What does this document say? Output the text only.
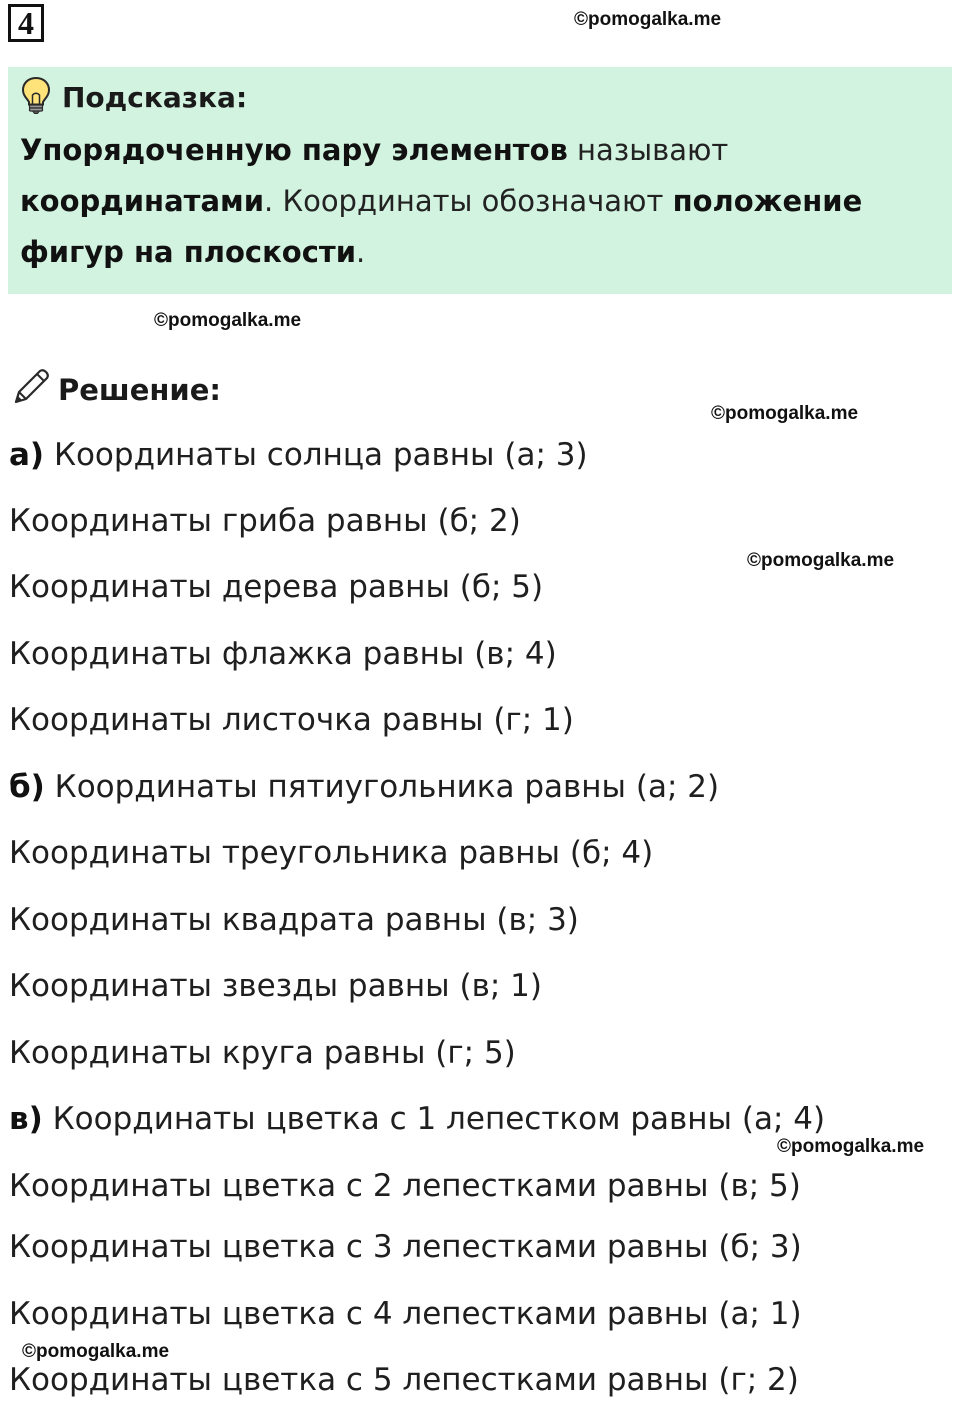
4	©pomogalka.me
©pomogalka.me
©pomogalka.me
©pomogalka.me
©pomogalka.me
©pomogalka.me
Подсказка:
Упорядоченную пару элементов называют
координатами. Координаты обозначают положение фигур на плоскости.
Решение:
а) Координаты солнца равны (а; 3)
Координаты гриба равны (б; 2)
Координаты дерева равны (б; 5)
Координаты флажка равны (в; 4)
Координаты листочка равны (г; 1)
б) Координаты пятиугольника равны (а; 2)
Координаты треугольника равны (б; 4)
Координаты квадрата равны (в; 3)
Координаты звезды равны (в; 1)
Координаты круга равны (г; 5)
в) Координаты цветка с 1 лепестком равны (а; 4)
Координаты цветка с 2 лепестками равны (в; 5)
Координаты цветка с 3 лепестками равны (б; 3)
Координаты цветка с 4 лепестками равны (а; 1)
Координаты цветка с 5 лепестками равны (г; 2)
